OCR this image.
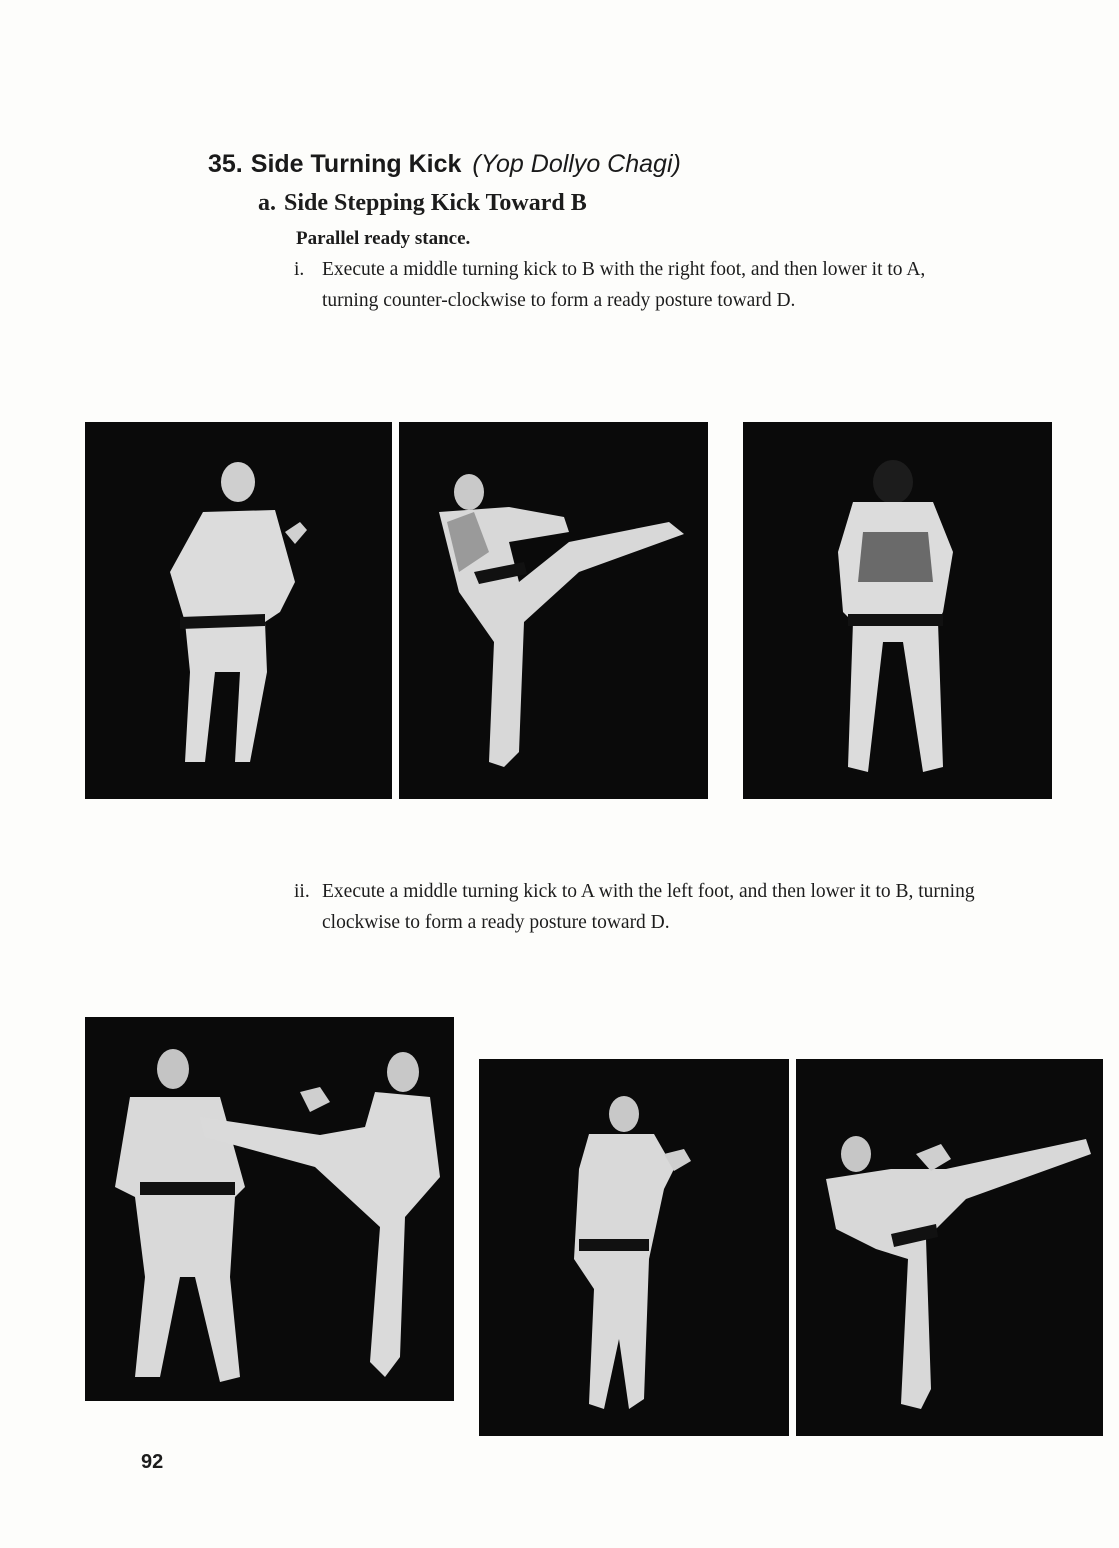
35. Side Turning Kick (Yop Dollyo Chagi)
a. Side Stepping Kick Toward B
Parallel ready stance.
i. Execute a middle turning kick to B with the right foot, and then lower it to A, turning counter-clockwise to form a ready posture toward D.
ii. Execute a middle turning kick to A with the left foot, and then lower it to B, turning clockwise to form a ready posture toward D.
92
